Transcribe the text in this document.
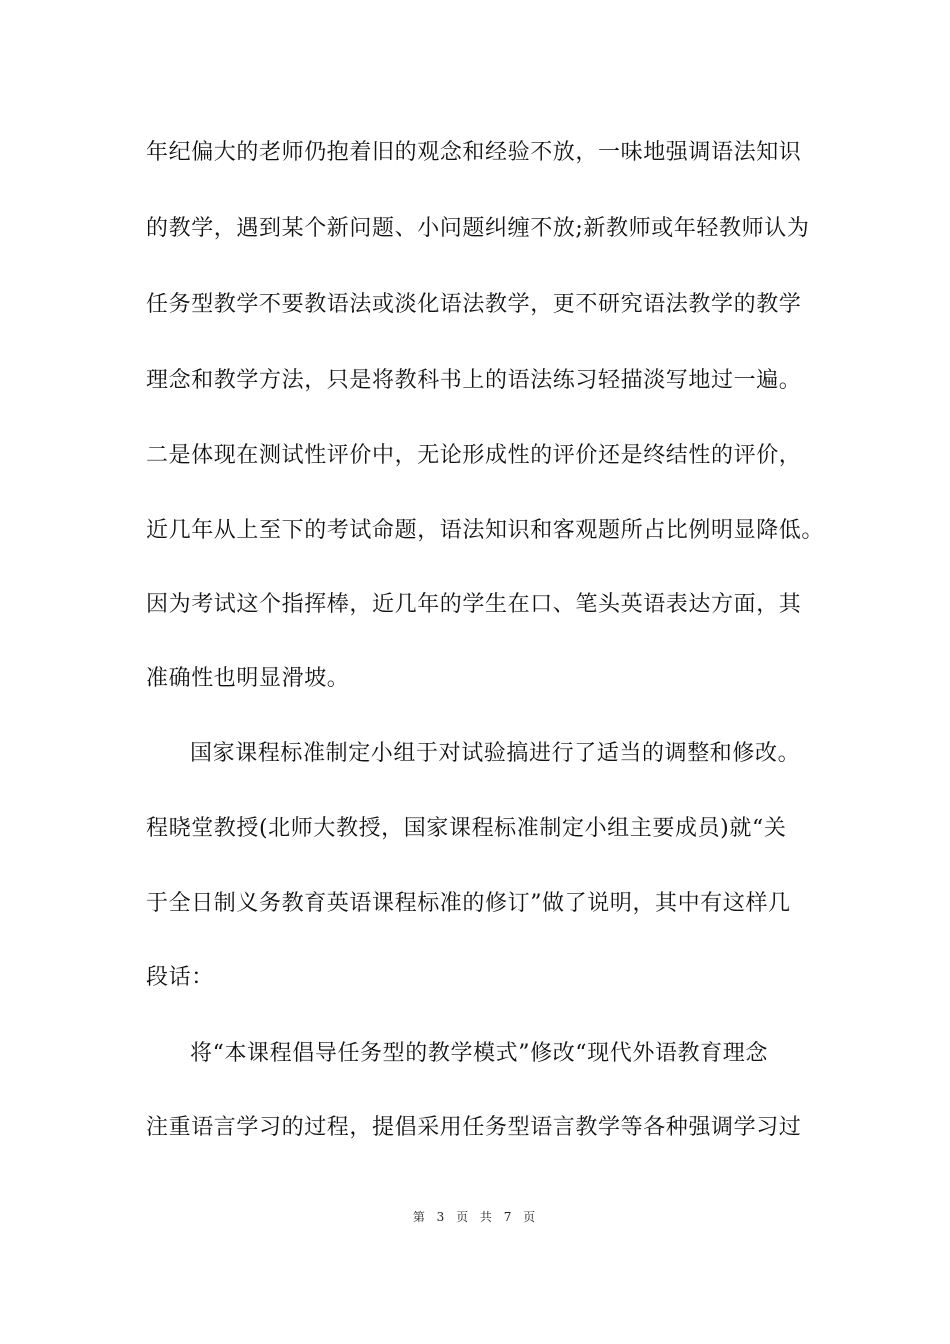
年纪偏大的老师仍抱着旧的观念和经验不放，一味地强调语法知识
的教学，遇到某个新问题、小问题纠缠不放;新教师或年轻教师认为
任务型教学不要教语法或淡化语法教学，更不研究语法教学的教学
理念和教学方法，只是将教科书上的语法练习轻描淡写地过一遍。
二是体现在测试性评价中，无论形成性的评价还是终结性的评价，
近几年从上至下的考试命题，语法知识和客观题所占比例明显降低。
因为考试这个指挥棒，近几年的学生在口、笔头英语表达方面，其
准确性也明显滑坡。
国家课程标准制定小组于对试验搞进行了适当的调整和修改。
程晓堂教授(北师大教授，国家课程标准制定小组主要成员)就“关
于全日制义务教育英语课程标准的修订”做了说明，其中有这样几
段话：
将“本课程倡导任务型的教学模式”修改“现代外语教育理念
注重语言学习的过程，提倡采用任务型语言教学等各种强调学习过
第 3 页 共 7 页
